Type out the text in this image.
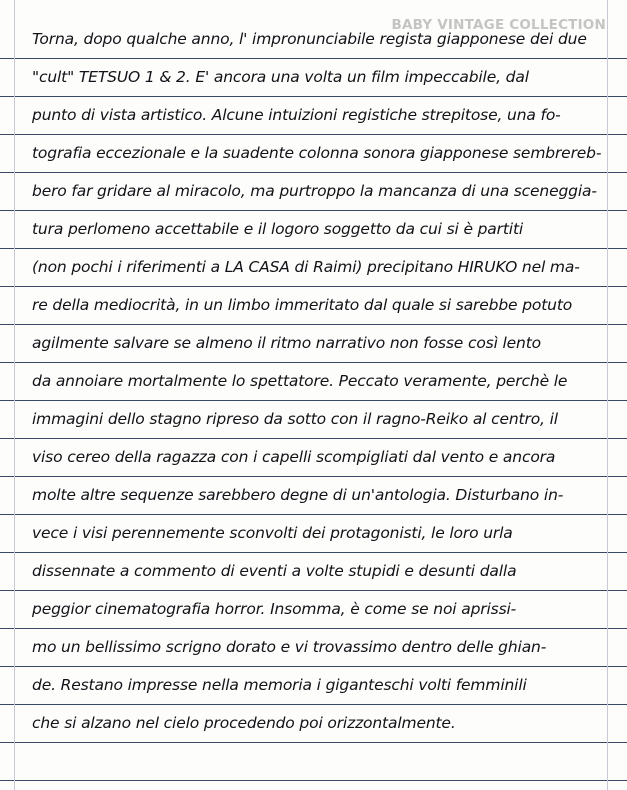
BABY VINTAGE COLLECTION
Torna, dopo qualche anno, l' impronunciabile regista giapponese dei due
"cult" TETSUO 1 & 2. E' ancora una volta un film impeccabile, dal
punto di vista artistico. Alcune intuizioni registiche strepitose, una fo-
tografia eccezionale e la suadente colonna sonora giapponese sembrereb-
bero far gridare al miracolo, ma purtroppo la mancanza di una sceneggia-
tura perlomeno accettabile e il logoro soggetto da cui si è partiti
(non pochi i riferimenti a LA CASA di Raimi) precipitano HIRUKO nel ma-
re della mediocrità, in un limbo immeritato dal quale si sarebbe potuto
agilmente salvare se almeno il ritmo narrativo non fosse così lento
da annoiare mortalmente lo spettatore. Peccato veramente, perchè le
immagini dello stagno ripreso da sotto con il ragno-Reiko al centro, il
viso cereo della ragazza con i capelli scompigliati dal vento e ancora
molte altre sequenze sarebbero degne di un'antologia. Disturbano in-
vece i visi perennemente sconvolti dei protagonisti, le loro urla
dissennate a commento di eventi a volte stupidi e desunti dalla
peggior cinematografia horror. Insomma, è come se noi aprissi-
mo un bellissimo scrigno dorato e vi trovassimo dentro delle ghian-
de. Restano impresse nella memoria i giganteschi volti femminili
che si alzano nel cielo procedendo poi orizzontalmente.
